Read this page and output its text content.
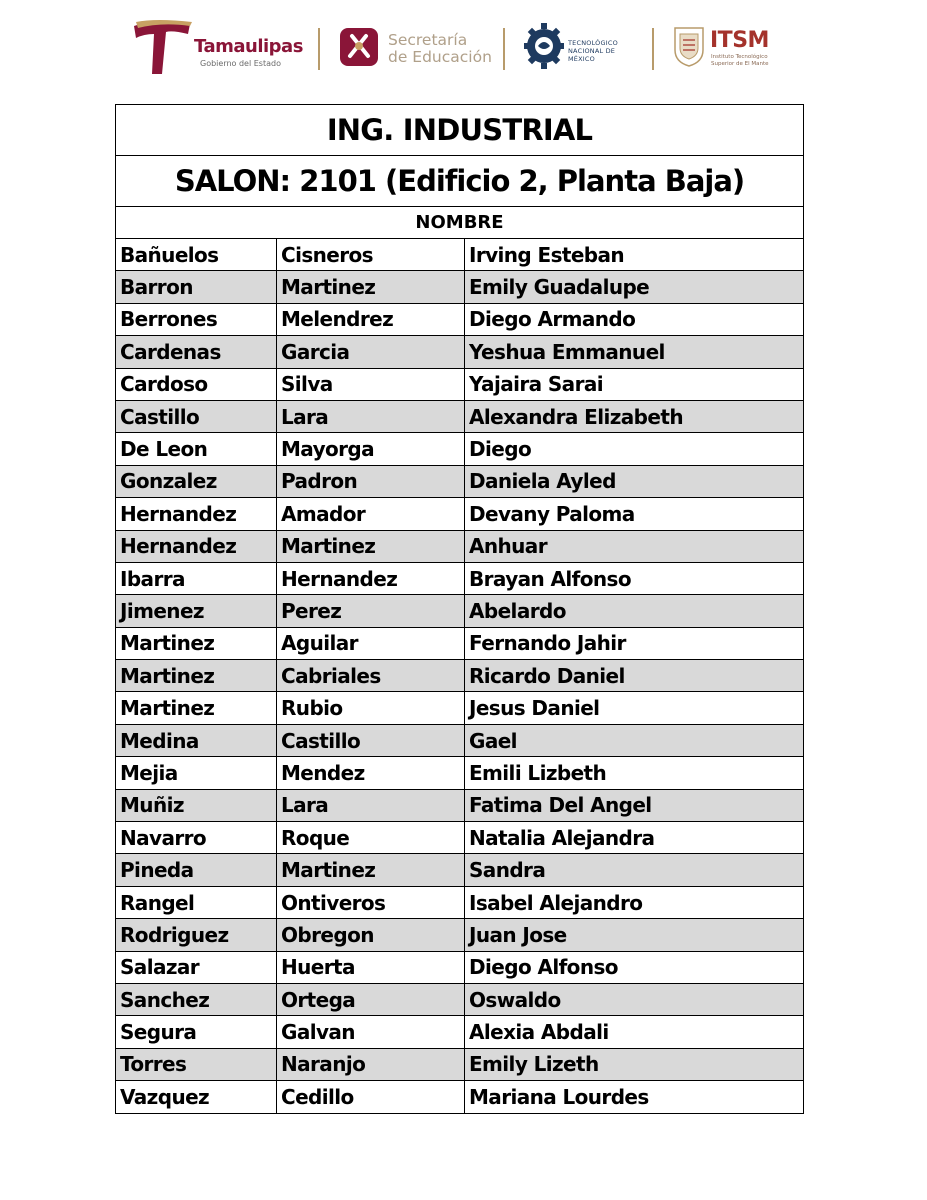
Tamaulipas
Gobierno del Estado
Secretaría
de Educación
TECNOLÓGICO
NACIONAL DE MÉXICO
ITSM
Instituto Tecnológico
Superior de El Mante
ING. INDUSTRIAL		
SALON: 2101 (Edificio 2, Planta Baja)		
NOMBRE		
Bañuelos	Cisneros	Irving Esteban
Barron	Martinez	Emily Guadalupe
Berrones	Melendrez	Diego Armando
Cardenas	Garcia	Yeshua Emmanuel
Cardoso	Silva	Yajaira Sarai
Castillo	Lara	Alexandra Elizabeth
De Leon	Mayorga	Diego
Gonzalez	Padron	Daniela Ayled
Hernandez	Amador	Devany Paloma
Hernandez	Martinez	Anhuar
Ibarra	Hernandez	Brayan Alfonso
Jimenez	Perez	Abelardo
Martinez	Aguilar	Fernando Jahir
Martinez	Cabriales	Ricardo Daniel
Martinez	Rubio	Jesus Daniel
Medina	Castillo	Gael
Mejia	Mendez	Emili Lizbeth
Muñiz	Lara	Fatima Del Angel
Navarro	Roque	Natalia Alejandra
Pineda	Martinez	Sandra
Rangel	Ontiveros	Isabel Alejandro
Rodriguez	Obregon	Juan Jose
Salazar	Huerta	Diego Alfonso
Sanchez	Ortega	Oswaldo
Segura	Galvan	Alexia Abdali
Torres	Naranjo	Emily Lizeth
Vazquez	Cedillo	Mariana Lourdes
